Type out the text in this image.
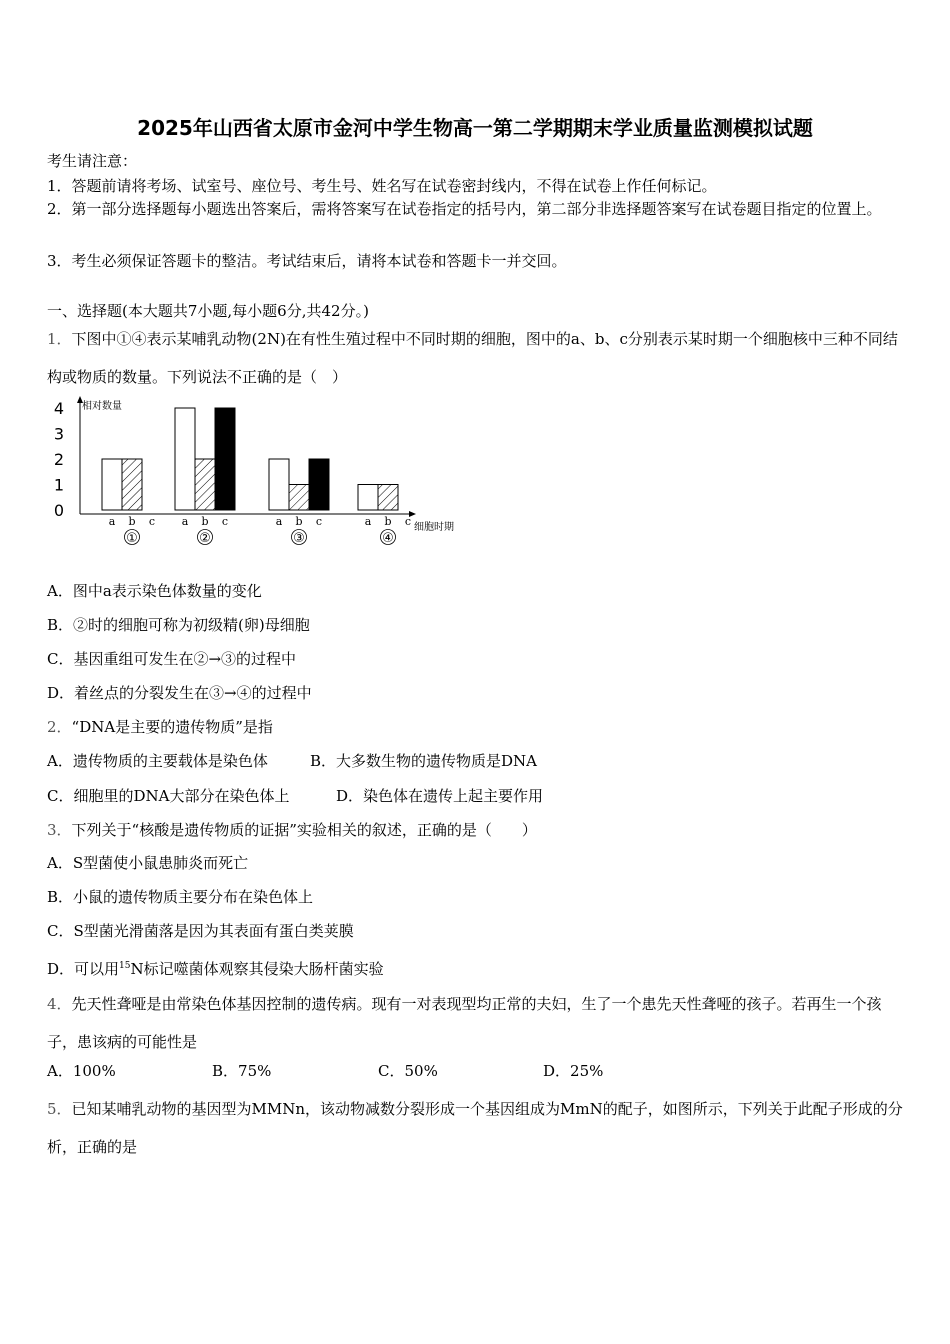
2025年山西省太原市金河中学生物高一第二学期期末学业质量监测模拟试题
考生请注意：
1．答题前请将考场、试室号、座位号、考生号、姓名写在试卷密封线内，不得在试卷上作任何标记。
2．第一部分选择题每小题选出答案后，需将答案写在试卷指定的括号内，第二部分非选择题答案写在试卷题目指定的位置上。
3．考生必须保证答题卡的整洁。考试结束后，请将本试卷和答题卡一并交回。
一、选择题(本大题共7小题,每小题6分,共42分。)
1．下图中①④表示某哺乳动物(2N)在有性生殖过程中不同时期的细胞，图中的a、b、c分别表示某时期一个细胞核中三种不同结构或物质的数量。下列说法不正确的是（　）
相对数量
细胞时期
0
1
2
3
4
a b c
①
a b c
②
a b c
③
a b c
④
A．图中a表示染色体数量的变化
B．②时的细胞可称为初级精(卵)母细胞
C．基因重组可发生在②→③的过程中
D．着丝点的分裂发生在③→④的过程中
2．“DNA是主要的遗传物质”是指
A．遗传物质的主要载体是染色体	B．大多数生物的遗传物质是DNA
C．细胞里的DNA大部分在染色体上	D．染色体在遗传上起主要作用
3．下列关于“核酸是遗传物质的证据”实验相关的叙述，正确的是（　　）
A．S型菌使小鼠患肺炎而死亡
B．小鼠的遗传物质主要分布在染色体上
C．S型菌光滑菌落是因为其表面有蛋白类荚膜
D．可以用$^{15}$N标记噬菌体观察其侵染大肠杆菌实验
4．先天性聋哑是由常染色体基因控制的遗传病。现有一对表现型均正常的夫妇，生了一个患先天性聋哑的孩子。若再生一个孩子，患该病的可能性是
A．100%	B．75%	C．50%	D．25%
5．已知某哺乳动物的基因型为MMNn，该动物减数分裂形成一个基因组成为MmN的配子，如图所示，下列关于此配子形成的分析，正确的是
